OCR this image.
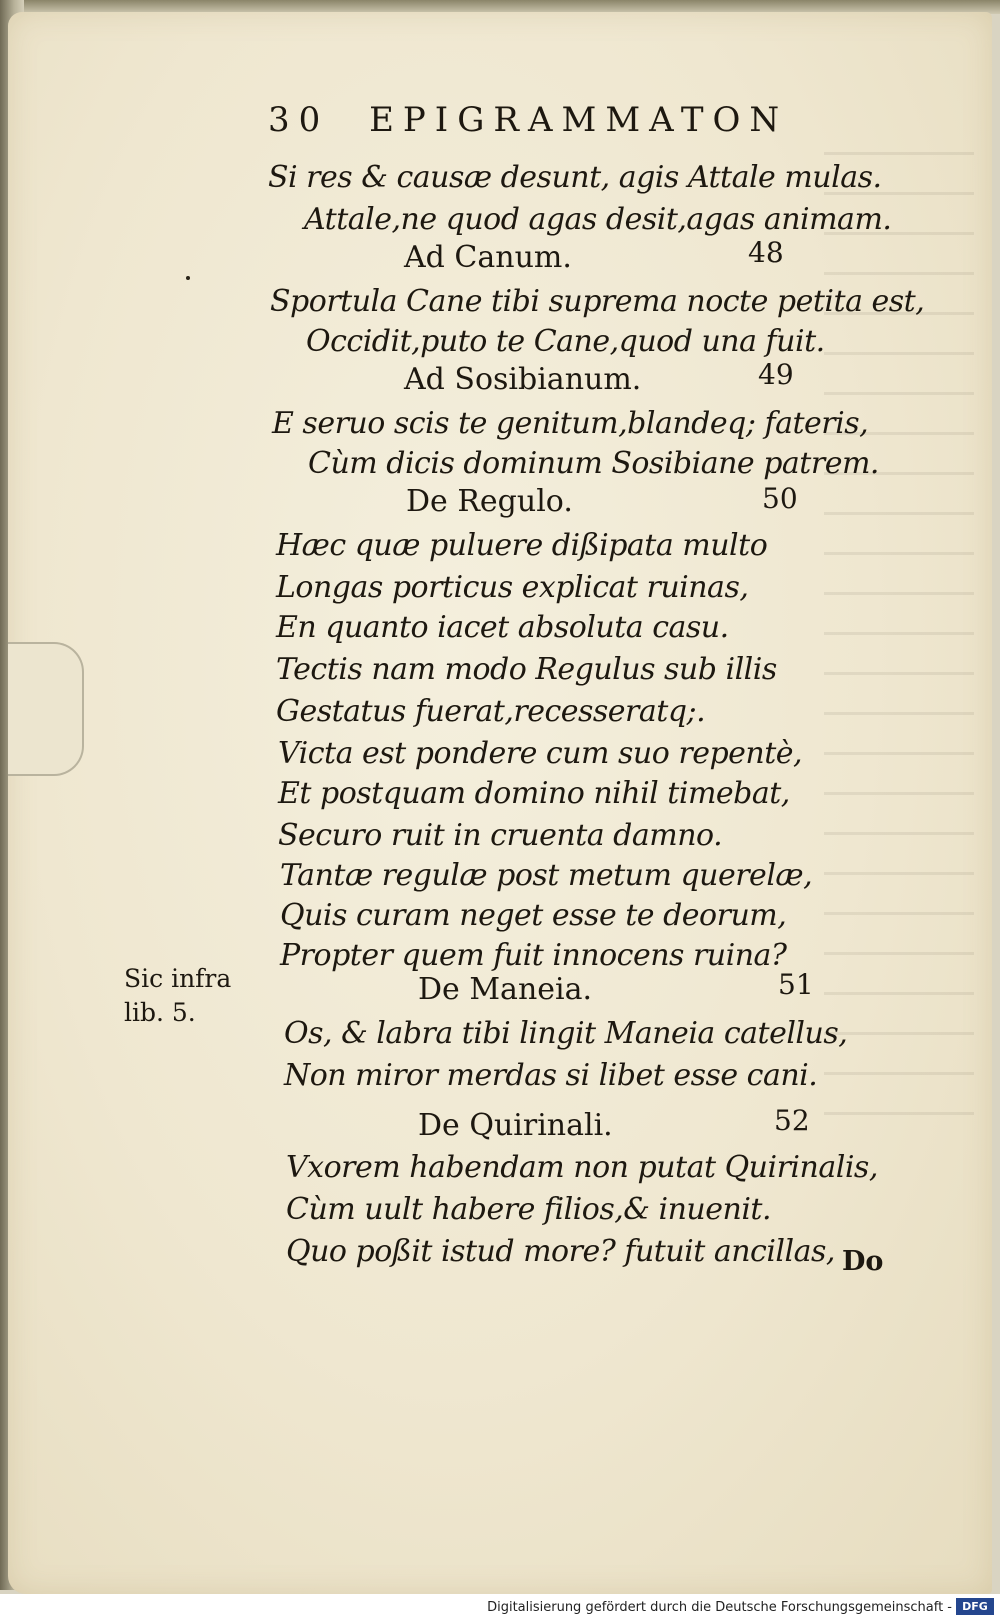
30 EPIGRAMMATON
Si res & causæ desunt, agis Attale mulas.
Attale,ne quod agas desit,agas animam.
Ad Canum.	48
Sportula Cane tibi suprema nocte petita est,
Occidit,puto te Cane,quod una fuit.
Ad Sosibianum.	49
E seruo scis te genitum,blandeq; fateris,
Cùm dicis dominum Sosibiane patrem.
De Regulo.	50
Hæc quæ puluere dißipata multo
Longas porticus explicat ruinas,
En quanto iacet absoluta casu.
Tectis nam modo Regulus sub illis
Gestatus fuerat,recesseratq;.
Victa est pondere cum suo repentè,
Et postquam domino nihil timebat,
Securo ruit in cruenta damno.
Tantæ regulæ post metum querelæ,
Quis curam neget esse te deorum,
Propter quem fuit innocens ruina?
De Maneia.	51
Os, & labra tibi lingit Maneia catellus,
Non miror merdas si libet esse cani.
De Quirinali.	52
Vxorem habendam non putat Quirinalis,
Cùm uult habere filios,& inuenit.
Quo poßit istud more? futuit ancillas,
Sic infra
lib. 5.
Do
Digitalisierung gefördert durch die Deutsche Forschungsgemeinschaft - DFG
